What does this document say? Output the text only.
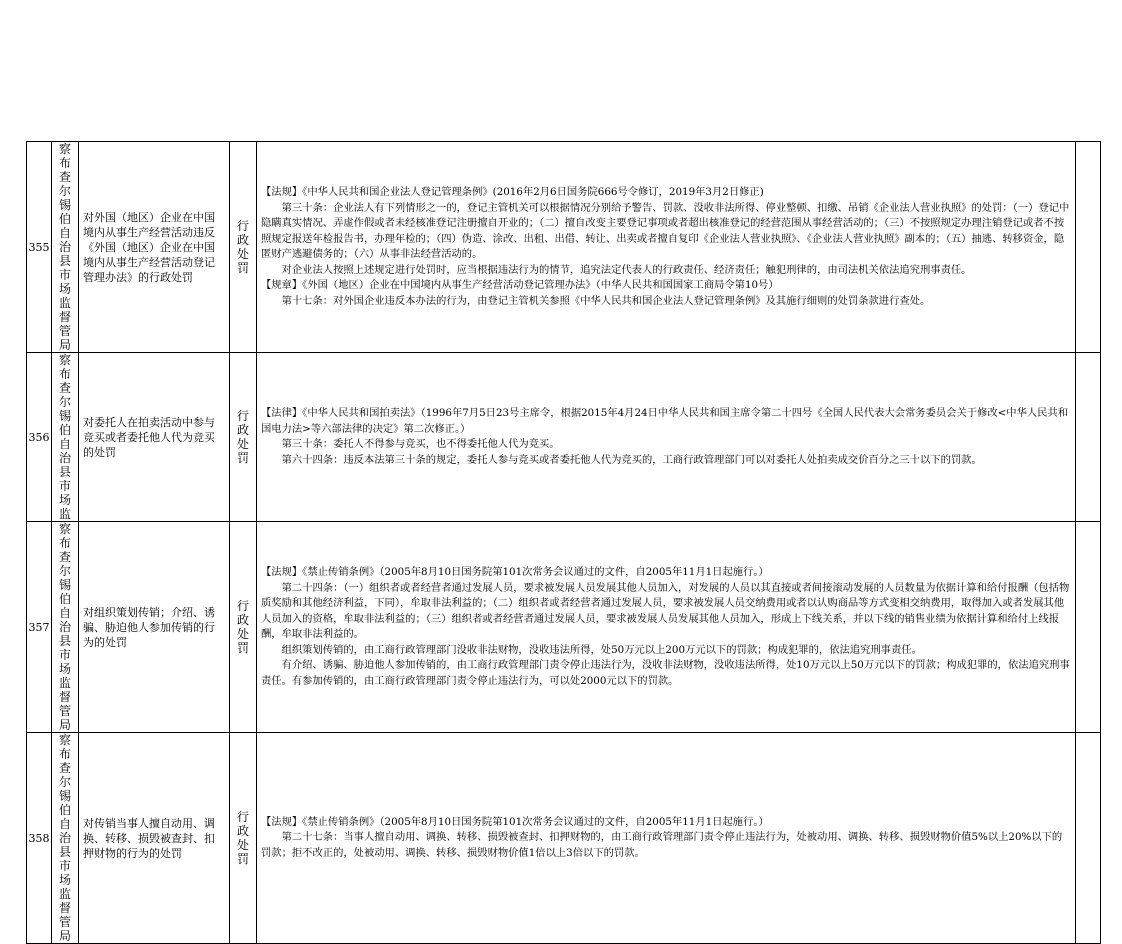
355	察布查尔锡伯自治县市场监督管局	对外国（地区）企业在中国境内从事生产经营活动违反《外国（地区）企业在中国境内从事生产经营活动登记管理办法》的行政处罚	行政处罚	【法规】《中华人民共和国企业法人登记管理条例》(2016年2月6日国务院666号令修订，2019年3月2日修正)

第三十条：企业法人有下列情形之一的，登记主管机关可以根据情况分别给予警告、罚款、没收非法所得、停业整顿、扣缴、吊销《企业法人营业执照》的处罚：（一）登记中隐瞒真实情况、弄虚作假或者未经核准登记注册擅自开业的；（二）擅自改变主要登记事项或者超出核准登记的经营范围从事经营活动的；（三）不按照规定办理注销登记或者不按照规定报送年检报告书，办理年检的；（四）伪造、涂改、出租、出借、转让、出卖或者擅自复印《企业法人营业执照》、《企业法人营业执照》副本的；（五）抽逃、转移资金，隐匿财产逃避债务的；（六）从事非法经营活动的。

对企业法人按照上述规定进行处罚时，应当根据违法行为的情节，追究法定代表人的行政责任、经济责任；触犯刑律的，由司法机关依法追究刑事责任。

【规章】《外国（地区）企业在中国境内从事生产经营活动登记管理办法》（中华人民共和国国家工商局令第10号）

第十七条：对外国企业违反本办法的行为，由登记主管机关参照《中华人民共和国企业法人登记管理条例》及其施行细则的处罚条款进行查处。	

356	察布查尔锡伯自治县市场监	对委托人在拍卖活动中参与竞买或者委托他人代为竞买的处罚	行政处罚	【法律】《中华人民共和国拍卖法》（1996年7月5日23号主席令，根据2015年4月24日中华人民共和国主席令第二十四号《全国人民代表大会常务委员会关于修改<中华人民共和国电力法>等六部法律的决定》第二次修正。）

第三十条：委托人不得参与竞买，也不得委托他人代为竞买。

第六十四条：违反本法第三十条的规定，委托人参与竞买或者委托他人代为竞买的，工商行政管理部门可以对委托人处拍卖成交价百分之三十以下的罚款。	

357	察布查尔锡伯自治县市场监督管局	对组织策划传销；介绍、诱骗、胁迫他人参加传销的行为的处罚	行政处罚	【法规】《禁止传销条例》（2005年8月10日国务院第101次常务会议通过的文件，自2005年11月1日起施行。）

第二十四条：（一）组织者或者经营者通过发展人员，要求被发展人员发展其他人员加入，对发展的人员以其直接或者间接滚动发展的人员数量为依据计算和给付报酬（包括物质奖励和其他经济利益，下同），牟取非法利益的；（二）组织者或者经营者通过发展人员，要求被发展人员交纳费用或者以认购商品等方式变相交纳费用，取得加入或者发展其他人员加入的资格，牟取非法利益的；（三）组织者或者经营者通过发展人员，要求被发展人员发展其他人员加入，形成上下线关系，并以下线的销售业绩为依据计算和给付上线报酬，牟取非法利益的。

组织策划传销的，由工商行政管理部门没收非法财物，没收违法所得，处50万元以上200万元以下的罚款；构成犯罪的，依法追究刑事责任。

有介绍、诱骗、胁迫他人参加传销的，由工商行政管理部门责令停止违法行为，没收非法财物，没收违法所得，处10万元以上50万元以下的罚款；构成犯罪的，依法追究刑事责任。有参加传销的，由工商行政管理部门责令停止违法行为，可以处2000元以下的罚款。	

358	察布查尔锡伯自治县市场监督管局	对传销当事人擅自动用、调换、转移、损毁被查封、扣押财物的行为的处罚	行政处罚	【法规】《禁止传销条例》（2005年8月10日国务院第101次常务会议通过的文件，自2005年11月1日起施行。）

第二十七条：当事人擅自动用、调换、转移、损毁被查封、扣押财物的，由工商行政管理部门责令停止违法行为，处被动用、调换、转移、损毁财物价值5%以上20%以下的罚款；拒不改正的，处被动用、调换、转移、损毁财物价值1倍以上3倍以下的罚款。	
